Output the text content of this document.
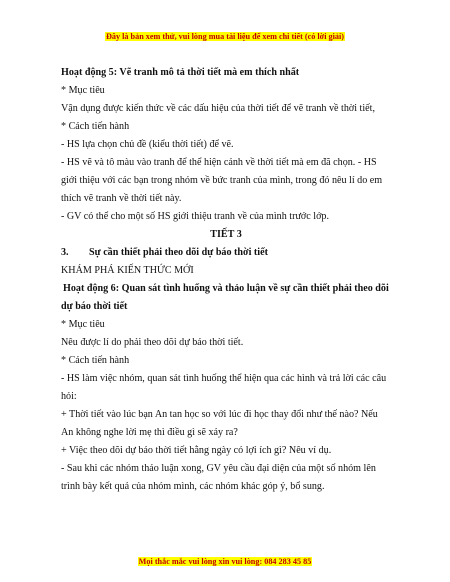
Đây là bản xem thử, vui lòng mua tài liệu để xem chi tiết (có lời giải)

Hoạt động 5: Vẽ tranh mô tả thời tiết mà em thích nhất

* Mục tiêu

Vận dụng được kiến thức về các dấu hiệu của thời tiết để vẽ tranh về thời tiết,

* Cách tiến hành

- HS lựa chọn chủ đề (kiểu thời tiết) để vẽ.

- HS vẽ và tô màu vào tranh để thể hiện cảnh về thời tiết mà em đã chọn. - HS giới thiệu với các bạn trong nhóm về bức tranh của mình, trong đó nêu lí do em thích vẽ tranh về thời tiết này.

- GV có thể cho một số HS giới thiệu tranh về của mình trước lớp.

TIẾT 3

3. Sự cần thiết phải theo dõi dự báo thời tiết

KHÁM PHÁ KIẾN THỨC MỚI

Hoạt động 6: Quan sát tình huống và thảo luận về sự cần thiết phải theo dõi dự báo thời tiết

* Mục tiêu

Nêu được lí do phải theo dõi dự báo thời tiết.

* Cách tiến hành

- HS làm việc nhóm, quan sát tình huống thể hiện qua các hình và trả lời các câu hỏi:

+ Thời tiết vào lúc bạn An tan học so với lúc đi học thay đổi như thế nào? Nếu An không nghe lời mẹ thì điều gì sẽ xảy ra?

+ Việc theo dõi dự báo thời tiết hằng ngày có lợi ích gì? Nêu ví dụ.

- Sau khi các nhóm thảo luận xong, GV yêu cầu đại diện của một số nhóm lên trình bày kết quả của nhóm mình, các nhóm khác góp ý, bổ sung.

Mọi thắc mắc vui lòng xin vui lòng: 084 283 45 85
